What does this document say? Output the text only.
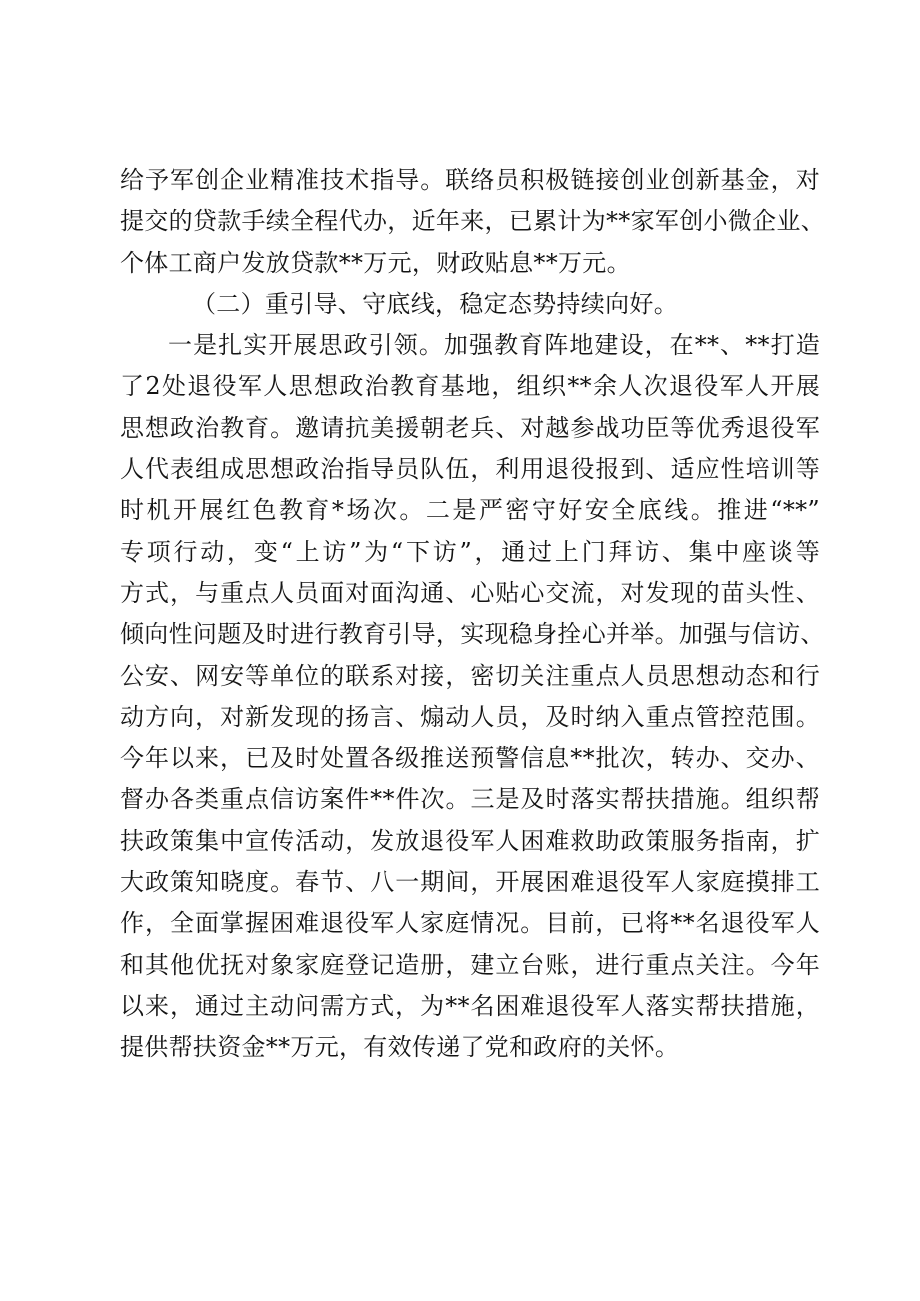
给予军创企业精准技术指导。联络员积极链接创业创新基金，对
提交的贷款手续全程代办，近年来，已累计为**家军创小微企业、
个体工商户发放贷款**万元，财政贴息**万元。
（二）重引导、守底线，稳定态势持续向好。
一是扎实开展思政引领。加强教育阵地建设，在**、**打造
了2处退役军人思想政治教育基地，组织**余人次退役军人开展
思想政治教育。邀请抗美援朝老兵、对越参战功臣等优秀退役军
人代表组成思想政治指导员队伍，利用退役报到、适应性培训等
时机开展红色教育*场次。二是严密守好安全底线。推进“**”
专项行动，变“上访”为“下访”，通过上门拜访、集中座谈等
方式，与重点人员面对面沟通、心贴心交流，对发现的苗头性、
倾向性问题及时进行教育引导，实现稳身拴心并举。加强与信访、
公安、网安等单位的联系对接，密切关注重点人员思想动态和行
动方向，对新发现的扬言、煽动人员，及时纳入重点管控范围。
今年以来，已及时处置各级推送预警信息**批次，转办、交办、
督办各类重点信访案件**件次。三是及时落实帮扶措施。组织帮
扶政策集中宣传活动，发放退役军人困难救助政策服务指南，扩
大政策知晓度。春节、八一期间，开展困难退役军人家庭摸排工
作，全面掌握困难退役军人家庭情况。目前，已将**名退役军人
和其他优抚对象家庭登记造册，建立台账，进行重点关注。今年
以来，通过主动问需方式，为**名困难退役军人落实帮扶措施，
提供帮扶资金**万元，有效传递了党和政府的关怀。
